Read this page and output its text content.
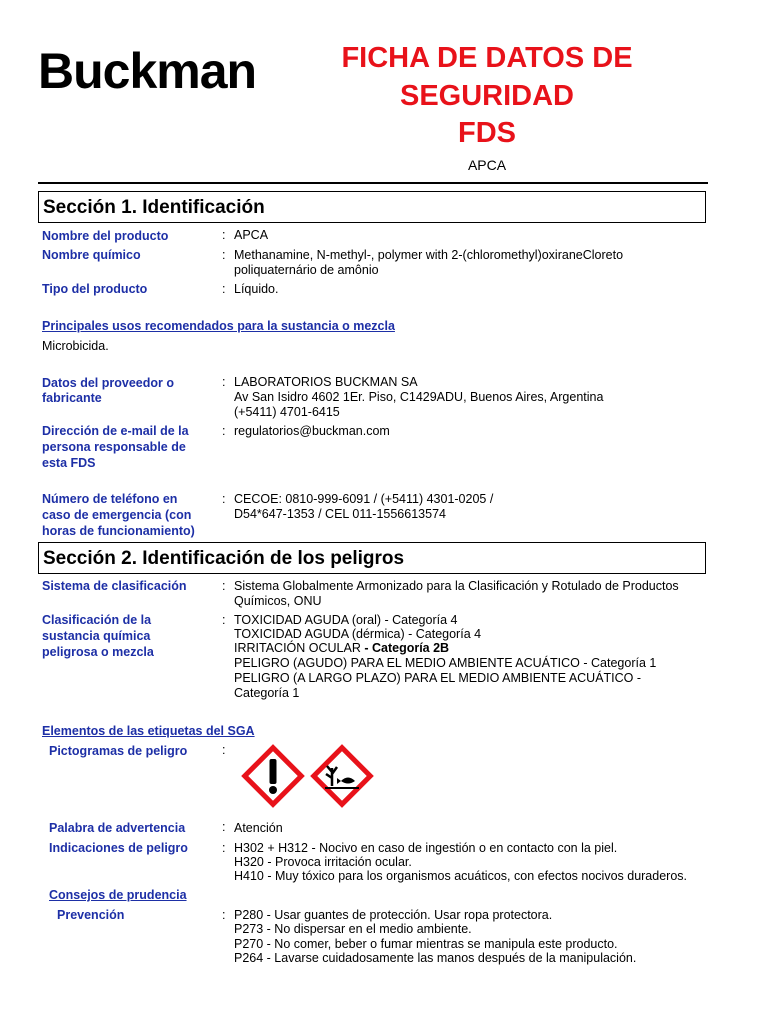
Buckman	FICHA DE DATOS DE
SEGURIDAD
FDS
APCA
Sección 1. Identificación
Nombre del producto	: APCA
Nombre químico	: Methanamine, N-methyl-, polymer with 2-(chloromethyl)oxiraneCloreto
poliquaternário de amônio
Tipo del producto	: Líquido.
Principales usos recomendados para la sustancia o mezcla
Microbicida.
Datos del proveedor o
fabricante
: LABORATORIOS BUCKMAN SA
Av San Isidro 4602 1Er. Piso, C1429ADU, Buenos Aires, Argentina
(+5411) 4701-6415
Dirección de e-mail de la
persona responsable de
esta FDS
: regulatorios@buckman.com
Número de teléfono en
caso de emergencia (con
horas de funcionamiento)
: CECOE: 0810-999-6091 / (+5411) 4301-0205 /
D54*647-1353 / CEL 011-1556613574
Sección 2. Identificación de los peligros
Sistema de clasificación	: Sistema Globalmente Armonizado para la Clasificación y Rotulado de Productos
Químicos, ONU
Clasificación de la
sustancia química
peligrosa o mezcla
: TOXICIDAD AGUDA (oral) - Categoría 4
TOXICIDAD AGUDA (dérmica) - Categoría 4
IRRITACIÓN OCULAR - Categoría 2B
PELIGRO (AGUDO) PARA EL MEDIO AMBIENTE ACUÁTICO - Categoría 1
PELIGRO (A LARGO PLAZO) PARA EL MEDIO AMBIENTE ACUÁTICO -
Categoría 1
Elementos de las etiquetas del SGA
Pictogramas de peligro	:
Palabra de advertencia	: Atención
Indicaciones de peligro	: H302 + H312 - Nocivo en caso de ingestión o en contacto con la piel.
H320 - Provoca irritación ocular.
H410 - Muy tóxico para los organismos acuáticos, con efectos nocivos duraderos.
Consejos de prudencia
Prevención	: P280 - Usar guantes de protección. Usar ropa protectora.
P273 - No dispersar en el medio ambiente.
P270 - No comer, beber o fumar mientras se manipula este producto.
P264 - Lavarse cuidadosamente las manos después de la manipulación.
